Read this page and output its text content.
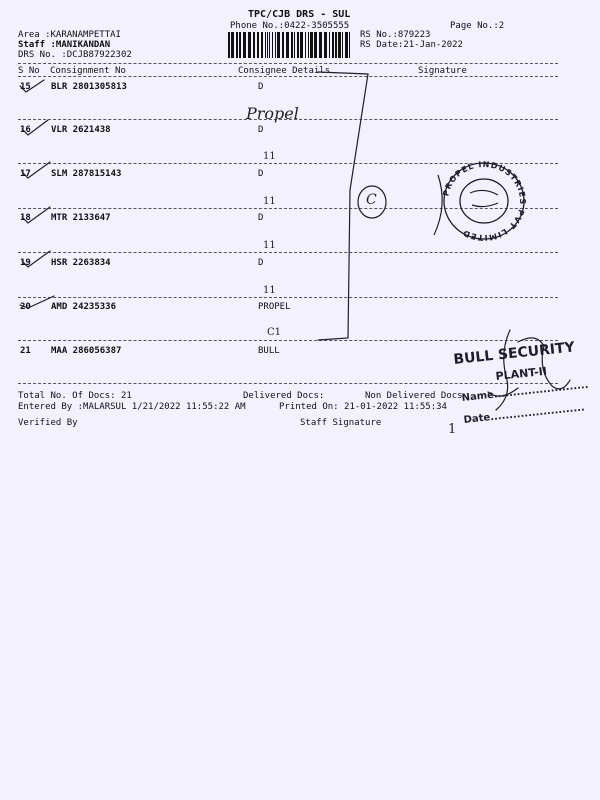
TPC/CJB DRS - SUL
Phone No.:0422-3505555	Page No.:2
Area :KARANAMPETTAI
Staff :MANIKANDAN
DRS No. :DCJB87922302
RS No.:879223
RS Date:21-Jan-2022
S No Consignment No	Consignee Details	Signature
15 BLR 2801305813	D
16 VLR 2621438	D
17 SLM 287815143	D
18 MTR 2133647	D
19 HSR 2263834	D
20 AMD 24235336	PROPEL
21 MAA 286056387	BULL
Total No. Of Docs: 21	Delivered Docs:	Non Delivered Docs
Entered By :MALARSUL 1/21/2022 11:55:22 AM	Printed On: 21-01-2022 11:55:34
Verified By	Staff Signature
Propel
11
11
11
11
C1
C
1
PROPEL INDUSTRIES PVT LIMITED
BULL SECURITY
PLANT-II
Name.........................
Date.........................
